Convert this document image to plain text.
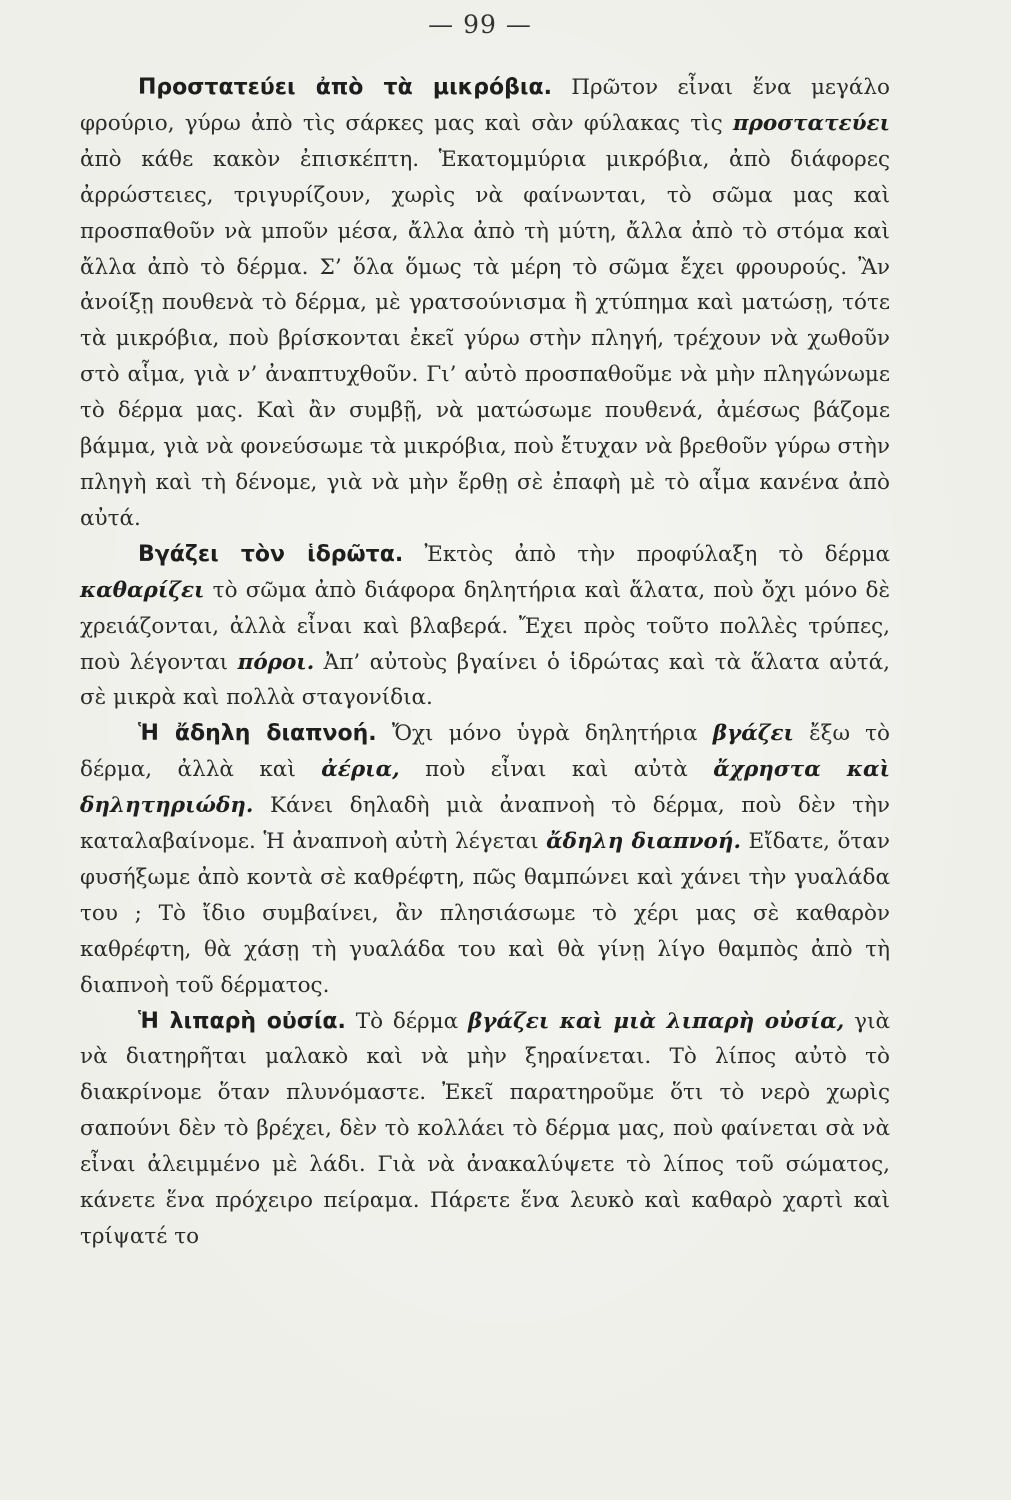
— 99 —

Προστατεύει ἀπὸ τὰ μικρόβια. Πρῶτον εἶναι ἕνα μεγάλο φρούριο, γύρω ἀπὸ τὶς σάρκες μας καὶ σὰν φύλακας τὶς προστατεύει ἀπὸ κάθε κακὸν ἐπισκέπτη. Ἑκατομμύρια μικρόβια, ἀπὸ διάφορες ἀρρώστειες, τριγυρίζουν, χωρὶς νὰ φαίνωνται, τὸ σῶμα μας καὶ προσπαθοῦν νὰ μποῦν μέσα, ἄλλα ἀπὸ τὴ μύτη, ἄλλα ἀπὸ τὸ στόμα καὶ ἄλλα ἀπὸ τὸ δέρμα. Σ’ ὅλα ὅμως τὰ μέρη τὸ σῶμα ἔχει φρουρούς. Ἂν ἀνοίξῃ πουθενὰ τὸ δέρμα, μὲ γρατσούνισμα ἢ χτύπημα καὶ ματώσῃ, τότε τὰ μικρόβια, ποὺ βρίσκονται ἐκεῖ γύρω στὴν πληγή, τρέχουν νὰ χωθοῦν στὸ αἷμα, γιὰ ν’ ἀναπτυχθοῦν. Γι’ αὐτὸ προσπαθοῦμε νὰ μὴν πληγώνωμε τὸ δέρμα μας. Καὶ ἂν συμβῇ, νὰ ματώσωμε πουθενά, ἀμέσως βάζομε βάμμα, γιὰ νὰ φονεύσωμε τὰ μικρόβια, ποὺ ἔτυχαν νὰ βρεθοῦν γύρω στὴν πληγὴ καὶ τὴ δένομε, γιὰ νὰ μὴν ἔρθῃ σὲ ἐπαφὴ μὲ τὸ αἷμα κανένα ἀπὸ αὐτά.

Βγάζει τὸν ἱδρῶτα. Ἐκτὸς ἀπὸ τὴν προφύλαξη τὸ δέρμα καθαρίζει τὸ σῶμα ἀπὸ διάφορα δηλητήρια καὶ ἅλατα, ποὺ ὄχι μόνο δὲ χρειάζονται, ἀλλὰ εἶναι καὶ βλαβερά. Ἔχει πρὸς τοῦτο πολλὲς τρύπες, ποὺ λέγονται πόροι. Ἀπ’ αὐτοὺς βγαίνει ὁ ἱδρώτας καὶ τὰ ἅλατα αὐτά, σὲ μικρὰ καὶ πολλὰ σταγονίδια.

Ἡ ἄδηλη διαπνοή. Ὄχι μόνο ὑγρὰ δηλητήρια βγάζει ἔξω τὸ δέρμα, ἀλλὰ καὶ ἀέρια, ποὺ εἶναι καὶ αὐτὰ ἄχρηστα καὶ δηλητηριώδη. Κάνει δηλαδὴ μιὰ ἀναπνοὴ τὸ δέρμα, ποὺ δὲν τὴν καταλαβαίνομε. Ἡ ἀναπνοὴ αὐτὴ λέγεται ἄδηλη διαπνοή. Εἴδατε, ὅταν φυσήξωμε ἀπὸ κοντὰ σὲ καθρέφτη, πῶς θαμπώνει καὶ χάνει τὴν γυαλάδα του ; Τὸ ἴδιο συμβαίνει, ἂν πλησιάσωμε τὸ χέρι μας σὲ καθαρὸν καθρέφτη, θὰ χάσῃ τὴ γυαλάδα του καὶ θὰ γίνῃ λίγο θαμπὸς ἀπὸ τὴ διαπνοὴ τοῦ δέρματος.

Ἡ λιπαρὴ οὐσία. Τὸ δέρμα βγάζει καὶ μιὰ λιπαρὴ οὐσία, γιὰ νὰ διατηρῆται μαλακὸ καὶ νὰ μὴν ξηραίνεται. Τὸ λίπος αὐτὸ τὸ διακρίνομε ὅταν πλυνόμαστε. Ἐκεῖ παρατηροῦμε ὅτι τὸ νερὸ χωρὶς σαπούνι δὲν τὸ βρέχει, δὲν τὸ κολλάει τὸ δέρμα μας, ποὺ φαίνεται σὰ νὰ εἶναι ἀλειμμένο μὲ λάδι. Γιὰ νὰ ἀνακαλύψετε τὸ λίπος τοῦ σώματος, κάνετε ἕνα πρόχειρο πείραμα. Πάρετε ἕνα λευκὸ καὶ καθαρὸ χαρτὶ καὶ τρίψατέ το
